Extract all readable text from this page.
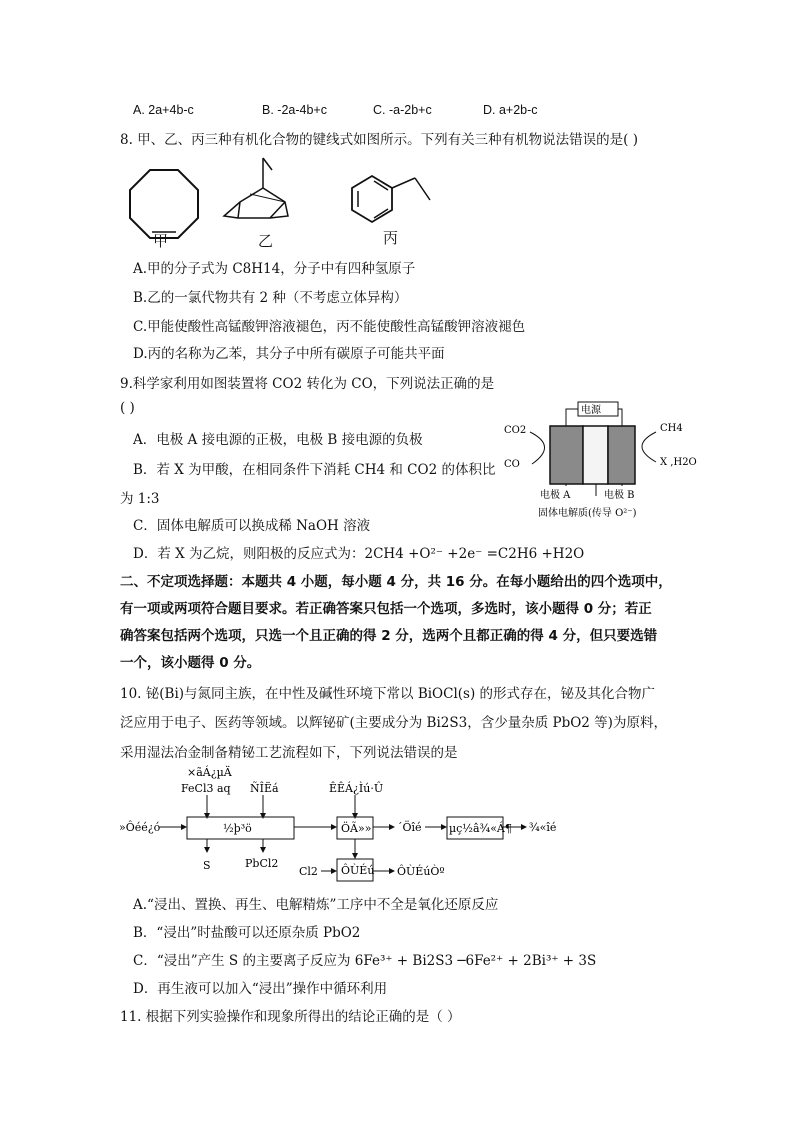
A. 2a+4b-c	B. -2a-4b+c	C. -a-2b+c	D. a+2b-c
8. 甲、乙、丙三种有机化合物的键线式如图所示。下列有关三种有机物说法错误的是( )
甲	乙	丙
A.甲的分子式为 C8H14，分子中有四种氢原子
B.乙的一氯代物共有 2 种（不考虑立体异构）
C.甲能使酸性高锰酸钾溶液褪色，丙不能使酸性高锰酸钾溶液褪色
D.丙的名称为乙苯，其分子中所有碳原子可能共平面
9.科学家利用如图装置将 CO2 转化为 CO，下列说法正确的是
( )
A．电极 A 接电源的正极，电极 B 接电源的负极
B．若 X 为甲酸，在相同条件下消耗 CH4 和 CO2 的体积比
为 1:3
C．固体电解质可以换成稀 NaOH 溶液
D．若 X 为乙烷，则阳极的反应式为：2CH4 +O²⁻ +2e⁻ =C2H6 +H2O
电源
CO2
CO
CH4
X ,H2O
电极 A	电极 B
固体电解质(传导 O²⁻)
二、不定项选择题：本题共 4 小题，每小题 4 分，共 16 分。在每小题给出的四个选项中，
有一项或两项符合题目要求。若正确答案只包括一个选项，多选时，该小题得 0 分；若正
确答案包括两个选项，只选一个且正确的得 2 分，选两个且都正确的得 4 分，但只要选错
一个，该小题得 0 分。
10. 铋(Bi)与氮同主族，在中性及碱性环境下常以 BiOCl(s) 的形式存在，铋及其化合物广
泛应用于电子、医药等领域。以辉铋矿(主要成分为 Bi2S3，含少量杂质 PbO2 等)为原料，
采用湿法冶金制备精铋工艺流程如下，下列说法错误的是
×ãÁ¿µÄ
FeCl3 aq ÑÎËá	ÊÊÁ¿Ìú·Û
»Ôéé¿ó	½þ³ö	ÖÃ»» ´Öîé µç½â¾«Á¶ ¾«îé
S	PbCl2
Cl2 ÔÙÉú ÔÙÉúÒº
A.“浸出、置换、再生、电解精炼”工序中不全是氧化还原反应
B．“浸出”时盐酸可以还原杂质 PbO2
C．“浸出”产生 S 的主要离子反应为 6Fe³⁺ + Bi2S3 ─6Fe²⁺ + 2Bi³⁺ + 3S
D．再生液可以加入“浸出”操作中循环利用
11. 根据下列实验操作和现象所得出的结论正确的是（ ）
